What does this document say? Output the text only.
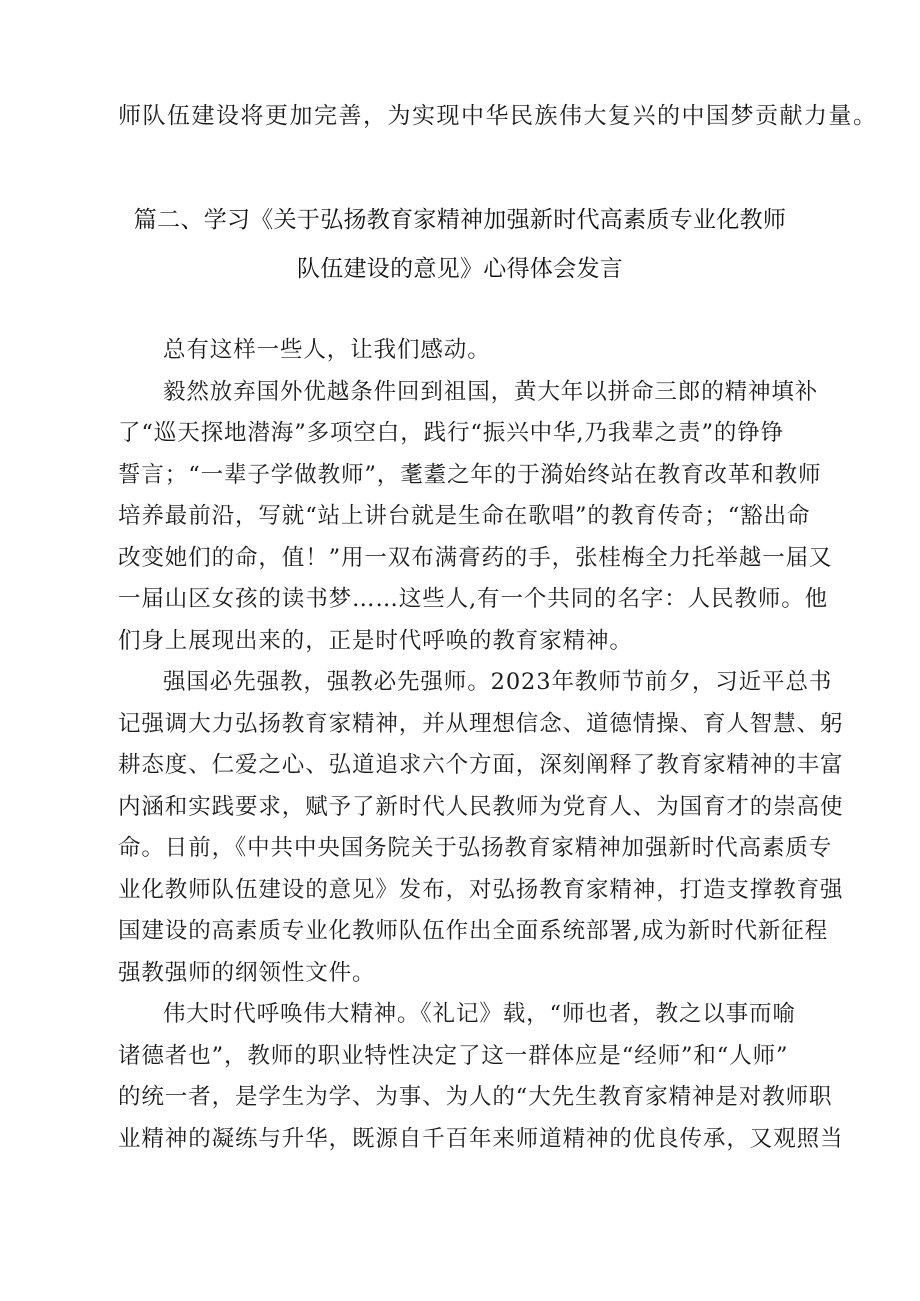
师队伍建设将更加完善，为实现中华民族伟大复兴的中国梦贡献力量。
篇二、学习《关于弘扬教育家精神加强新时代高素质专业化教师
队伍建设的意见》心得体会发言

总有这样一些人，让我们感动。

毅然放弃国外优越条件回到祖国，黄大年以拼命三郎的精神填补
了“巡天探地潜海”多项空白，践行“振兴中华,乃我辈之责”的铮铮
誓言；“一辈子学做教师”，耄耋之年的于漪始终站在教育改革和教师
培养最前沿，写就“站上讲台就是生命在歌唱”的教育传奇；“豁出命
改变她们的命，值！”用一双布满膏药的手，张桂梅全力托举越一届又
一届山区女孩的读书梦……这些人,有一个共同的名字：人民教师。他
们身上展现出来的，正是时代呼唤的教育家精神。

强国必先强教，强教必先强师。2023年教师节前夕，习近平总书
记强调大力弘扬教育家精神，并从理想信念、道德情操、育人智慧、躬
耕态度、仁爱之心、弘道追求六个方面，深刻阐释了教育家精神的丰富
内涵和实践要求，赋予了新时代人民教师为党育人、为国育才的崇高使
命。日前，《中共中央国务院关于弘扬教育家精神加强新时代高素质专
业化教师队伍建设的意见》发布，对弘扬教育家精神，打造支撑教育强
国建设的高素质专业化教师队伍作出全面系统部署,成为新时代新征程
强教强师的纲领性文件。

伟大时代呼唤伟大精神。《礼记》载，“师也者，教之以事而喻
诸德者也”，教师的职业特性决定了这一群体应是“经师”和“人师”
的统一者，是学生为学、为事、为人的“大先生教育家精神是对教师职
业精神的凝练与升华，既源自千百年来师道精神的优良传承，又观照当
